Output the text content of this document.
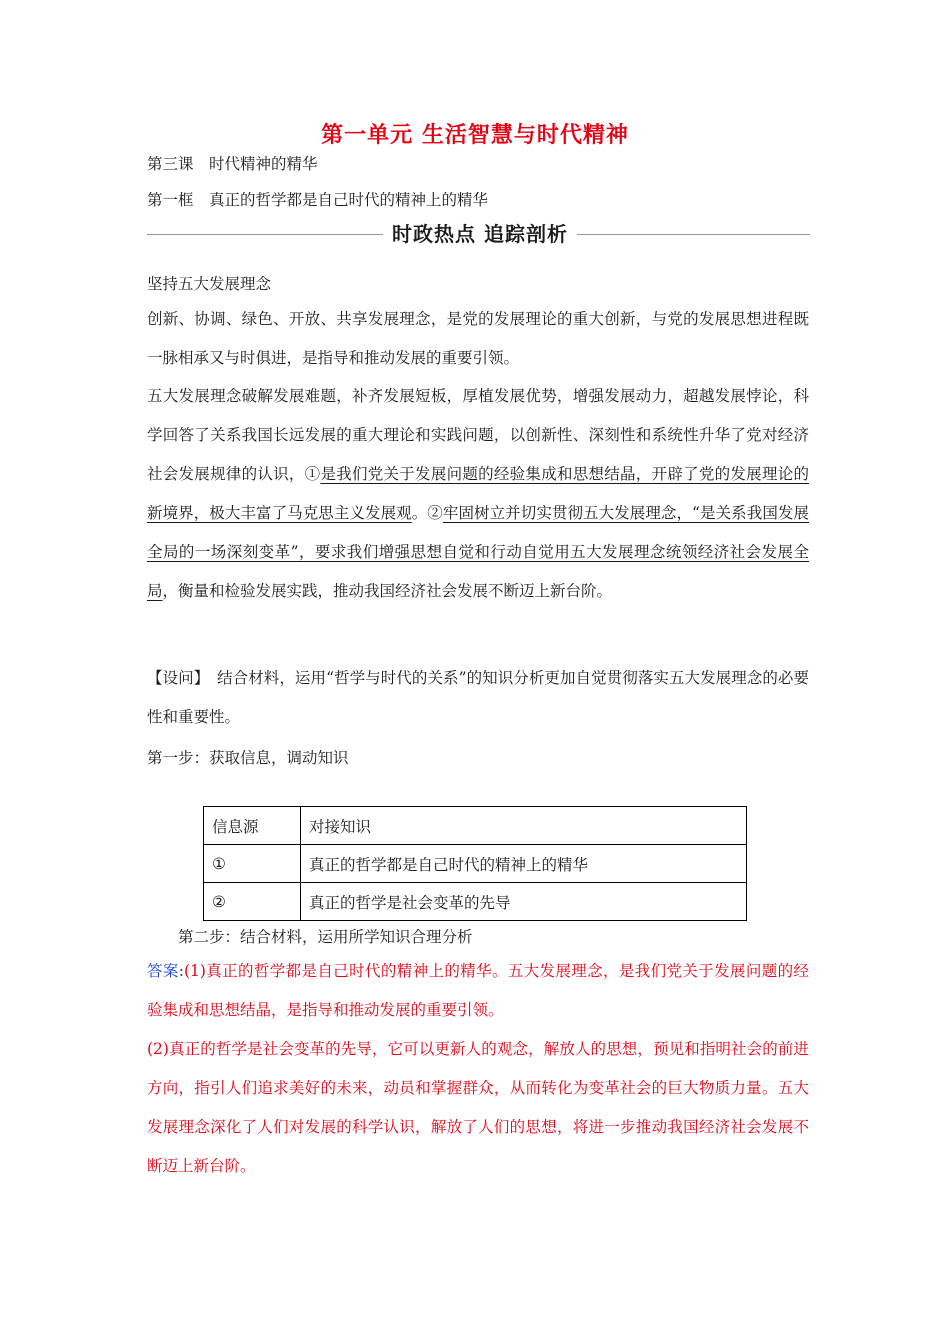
第一单元 生活智慧与时代精神
第三课　时代精神的精华
第一框　真正的哲学都是自己时代的精神上的精华
时政热点 追踪剖析
坚持五大发展理念

创新、协调、绿色、开放、共享发展理念，是党的发展理论的重大创新，与党的发展思想进程既一脉相承又与时俱进，是指导和推动发展的重要引领。

五大发展理念破解发展难题，补齐发展短板，厚植发展优势，增强发展动力，超越发展悖论，科学回答了关系我国长远发展的重大理论和实践问题，以创新性、深刻性和系统性升华了党对经济社会发展规律的认识，①是我们党关于发展问题的经验集成和思想结晶，开辟了党的发展理论的新境界，极大丰富了马克思主义发展观。②牢固树立并切实贯彻五大发展理念，“是关系我国发展全局的一场深刻变革”，要求我们增强思想自觉和行动自觉用五大发展理念统领经济社会发展全局，衡量和检验发展实践，推动我国经济社会发展不断迈上新台阶。

【设问】　结合材料，运用“哲学与时代的关系”的知识分析更加自觉贯彻落实五大发展理念的必要性和重要性。

第一步：获取信息，调动知识
信息源	对接知识
①	真正的哲学都是自己时代的精神上的精华
②	真正的哲学是社会变革的先导
第二步：结合材料，运用所学知识合理分析

答案:(1)真正的哲学都是自己时代的精神上的精华。五大发展理念，是我们党关于发展问题的经验集成和思想结晶，是指导和推动发展的重要引领。

(2)真正的哲学是社会变革的先导，它可以更新人的观念，解放人的思想，预见和指明社会的前进方向，指引人们追求美好的未来，动员和掌握群众，从而转化为变革社会的巨大物质力量。五大发展理念深化了人们对发展的科学认识，解放了人们的思想，将进一步推动我国经济社会发展不断迈上新台阶。
